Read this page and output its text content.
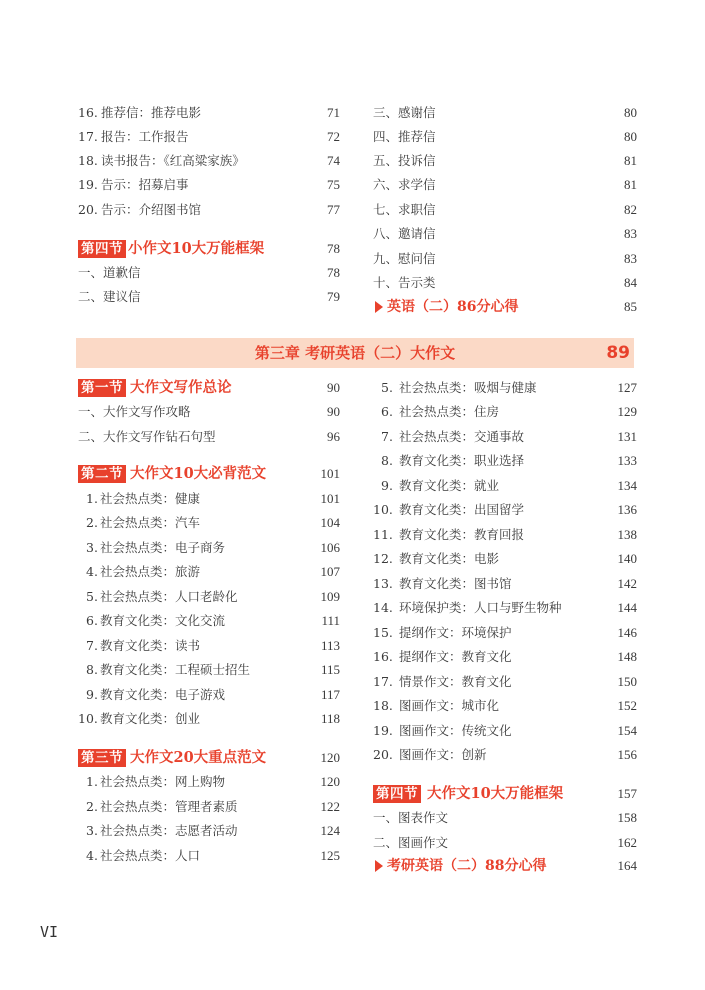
16. 推荐信：推荐电影	71
17. 报告：工作报告	72
18. 读书报告：《红高粱家族》	74
19. 告示：招募启事	75
20. 告示：介绍图书馆	77
第四节 小作文10大万能框架	78
一、道歉信	78
二、建议信	79
三、感谢信	80
四、推荐信	80
五、投诉信	81
六、求学信	81
七、求职信	82
八、邀请信	83
九、慰问信	83
十、告示类	84
英语（二）86分心得	85
第三章 考研英语（二）大作文	89
第一节 大作文写作总论	90
一、大作文写作攻略	90
二、大作文写作钻石句型	96
第二节 大作文10大必背范文	101
1. 社会热点类：健康	101
2. 社会热点类：汽车	104
3. 社会热点类：电子商务	106
4. 社会热点类：旅游	107
5. 社会热点类：人口老龄化	109
6. 教育文化类：文化交流	111
7. 教育文化类：读书	113
8. 教育文化类：工程硕士招生	115
9. 教育文化类：电子游戏	117
10. 教育文化类：创业	118
第三节 大作文20大重点范文	120
1. 社会热点类：网上购物	120
2. 社会热点类：管理者素质	122
3. 社会热点类：志愿者活动	124
4. 社会热点类：人口	125
5. 社会热点类：吸烟与健康	127
6. 社会热点类：住房	129
7. 社会热点类：交通事故	131
8. 教育文化类：职业选择	133
9. 教育文化类：就业	134
10. 教育文化类：出国留学	136
11. 教育文化类：教育回报	138
12. 教育文化类：电影	140
13. 教育文化类：图书馆	142
14. 环境保护类：人口与野生物种	144
15. 提纲作文：环境保护	146
16. 提纲作文：教育文化	148
17. 情景作文：教育文化	150
18. 图画作文：城市化	152
19. 图画作文：传统文化	154
20. 图画作文：创新	156
第四节 大作文10大万能框架	157
一、图表作文	158
二、图画作文	162
考研英语（二）88分心得	164
VI
